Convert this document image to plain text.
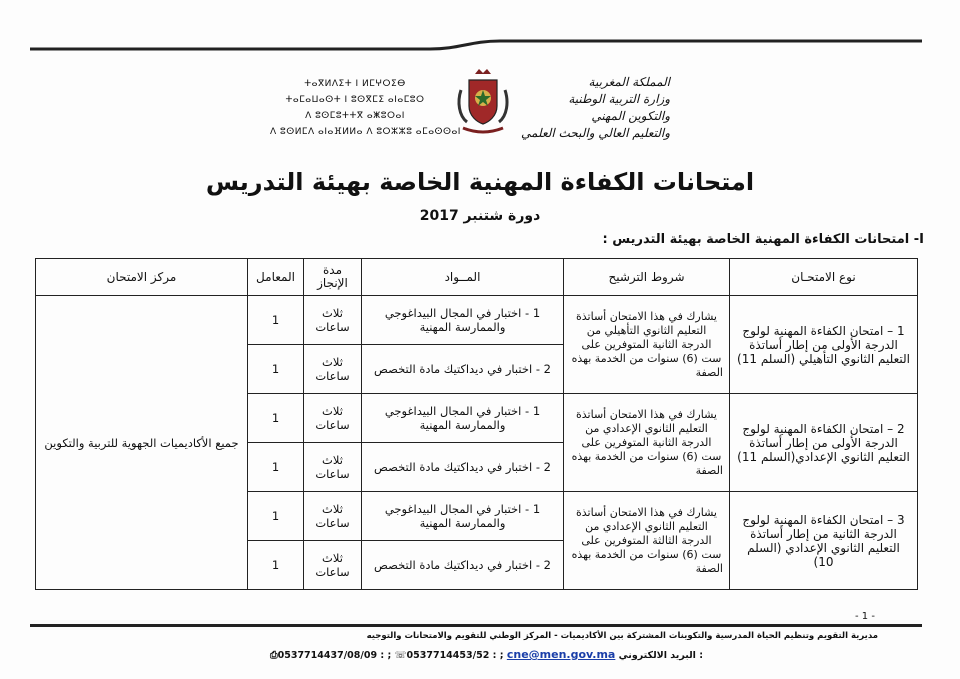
المملكة المغربية
وزارة التربية الوطنية
والتكوين المهني
والتعليم العالي والبحث العلمي
ⵜⴰⴳⵍⴷⵉⵜ ⵏ ⵍⵎⵖⵔⵉⴱ
ⵜⴰⵎⴰⵡⴰⵙⵜ ⵏ ⵓⵙⴳⵎⵉ ⴰⵏⴰⵎⵓⵔ
ⴷ ⵓⵙⵎⵓⵜⵜⴳ ⴰⵥⵓⵔⴰⵏ
ⴷ ⵓⵙⵍⵎⴷ ⴰⵏⴰⴼⵍⵍⴰ ⴷ ⵓⵔⵣⵣⵓ ⴰⵎⴰⵙⵙⴰⵏ
امتحانات الكفاءة المهنية الخاصة بهيئة التدريس
دورة شتنبر 2017
I- امتحانات الكفاءة المهنية الخاصة بهيئة التدريس :
نوع الامتحـان	شروط الترشيح	المــواد	مدة الإنجاز	المعامل	مركز الامتحان
1 – امتحان الكفاءة المهنية لولوج الدرجة الأولى من إطار أساتذة التعليم الثانوي التأهيلي (السلم 11)	يشارك في هذا الامتحان أساتذة التعليم الثانوي التأهيلي من الدرجة الثانية المتوفرين على ست (6) سنوات من الخدمة بهذه الصفة	1 - اختبار في المجال البيداغوجي والممارسة المهنية	ثلاث ساعات	1	جميع الأكاديميات الجهوية للتربية والتكوين
		2 - اختبار في ديداكتيك مادة التخصص	ثلاث ساعات	1	
2 – امتحان الكفاءة المهنية لولوج الدرجة الأولى من إطار أساتذة التعليم الثانوي الإعدادي(السلم 11)	يشارك في هذا الامتحان أساتذة التعليم الثانوي الإعدادي من الدرجة الثانية المتوفرين على ست (6) سنوات من الخدمة بهذه الصفة	1 - اختبار في المجال البيداغوجي والممارسة المهنية	ثلاث ساعات	1	
		2 - اختبار في ديداكتيك مادة التخصص	ثلاث ساعات	1	
3 – امتحان الكفاءة المهنية لولوج الدرجة الثانية من إطار أساتذة التعليم الثانوي الإعدادي (السلم 10)	يشارك في هذا الامتحان أساتذة التعليم الثانوي الإعدادي من الدرجة الثالثة المتوفرين على ست (6) سنوات من الخدمة بهذه الصفة	1 - اختبار في المجال البيداغوجي والممارسة المهنية	ثلاث ساعات	1	
		2 - اختبار في ديداكتيك مادة التخصص	ثلاث ساعات	1	
- 1 -
مديرية التقويم وتنظيم الحياة المدرسية والتكوينات المشتركة بين الأكاديميات - المركز الوطني للتقويم والامتحانات والتوجيه
⎙0537714437/08/09 : ; ☏0537714453/52 : ; cne@men.gov.ma : البريد الالكتروني
